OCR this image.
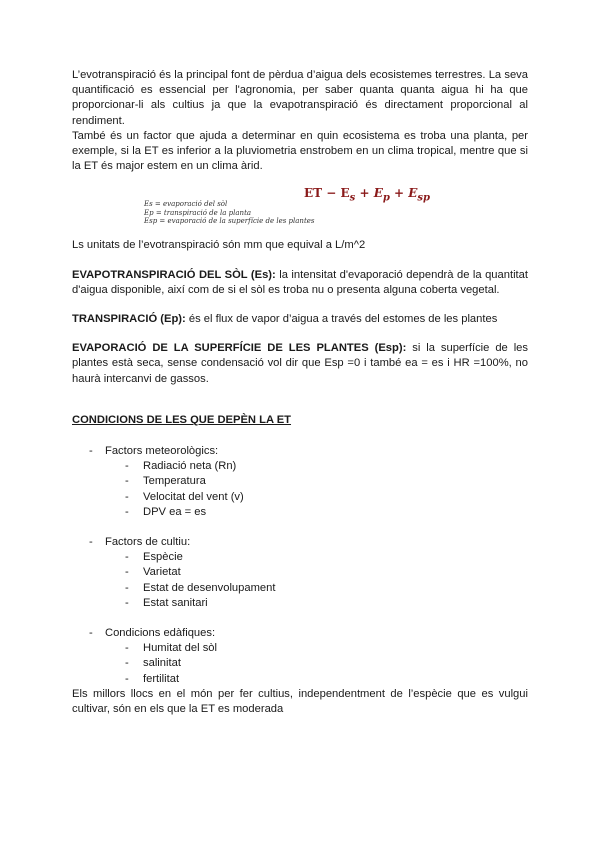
L’evotranspiració és la principal font de pèrdua d’aigua dels ecosistemes terrestres. La seva quantificació es essencial per l'agronomia, per saber quanta quanta aigua hi ha que proporcionar-li als cultius ja que la evapotranspiració és directament proporcional al rendiment.

També és un factor que ajuda a determinar en quin ecosistema es troba una planta, per exemple, si la ET es inferior a la pluviometria enstrobem en un clima tropical, mentre que si la ET és major estem en un clima àrid.

ET − $E_s + E_p + E_{sp}$
Es = evaporació del sòl
Ep = transpiració de la planta
Esp = evaporació de la superfície de les plantes

Ls unitats de l’evotranspiració són mm que equival a L/m^2

EVAPOTRANSPIRACIÓ DEL SÒL (Es): la intensitat d'evaporació dependrà de la quantitat d'aigua disponible, així com de si el sòl es troba nu o presenta alguna coberta vegetal.

TRANSPIRACIÓ (Ep): és el flux de vapor d’aigua a través del estomes de les plantes

EVAPORACIÓ DE LA SUPERFÍCIE DE LES PLANTES (Esp): si la superfície de les plantes està seca, sense condensació vol dir que Esp =0 i també ea = es i HR =100%, no haurà intercanvi de gassos.

CONDICIONS DE LES QUE DEPÈN LA ET

- Factors meteorològics:
- Radiació neta (Rn)
- Temperatura
- Velocitat del vent (v)
- DPV ea = es
- Factors de cultiu:
- Espècie
- Varietat
- Estat de desenvolupament
- Estat sanitari
- Condicions edàfiques:
- Humitat del sòl
- salinitat
- fertilitat

Els millors llocs en el món per fer cultius, independentment de l’espècie que es vulgui cultivar, són en els que la ET es moderada
